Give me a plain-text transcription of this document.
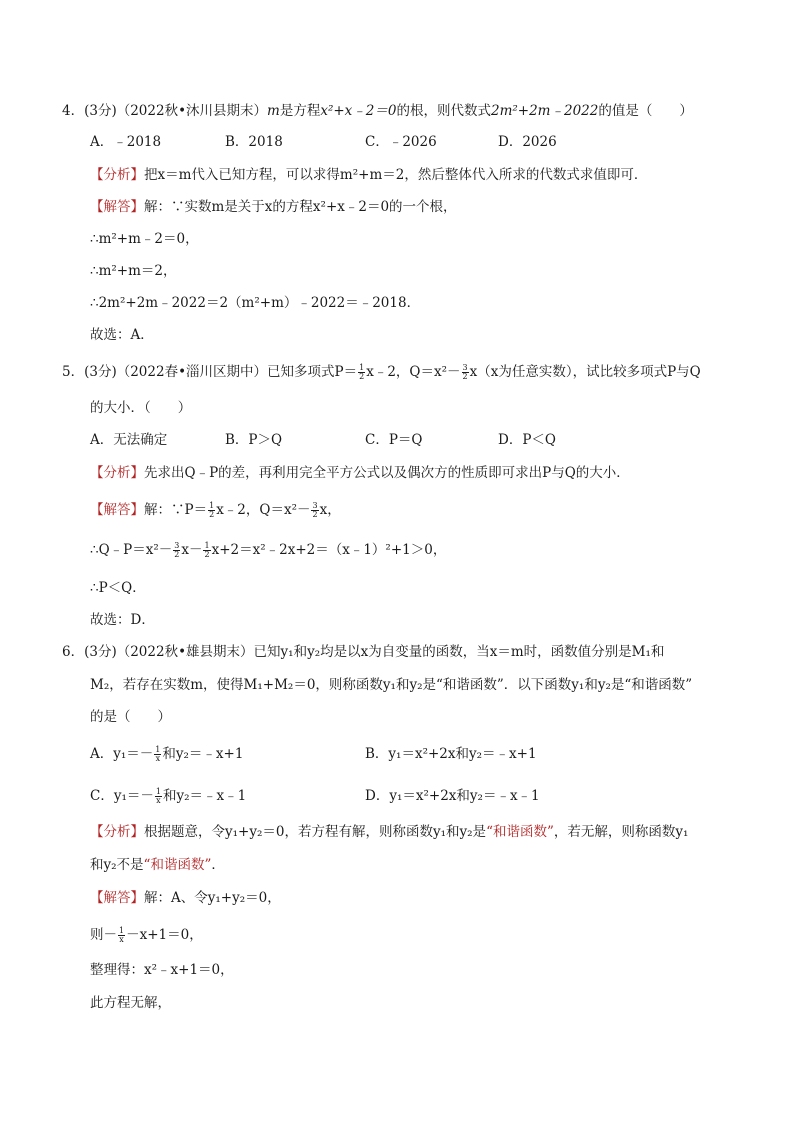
4．(3分)（2022秋•沐川县期末）m是方程x²+x﹣2＝0的根，则代数式2m²+2m﹣2022的值是（　　）
A．﹣2018	B．2018	C．﹣2026	D．2026
【分析】把x＝m代入已知方程，可以求得m²+m＝2，然后整体代入所求的代数式求值即可．
【解答】解：∵实数m是关于x的方程x²+x﹣2＝0的一个根，
∴m²+m﹣2＝0，
∴m²+m＝2，
∴2m²+2m﹣2022＝2（m²+m）﹣2022＝﹣2018．
故选：A．
5．(3分)（2022春•淄川区期中）已知多项式$P= \frac{1}{2}$ x﹣2，$Q=x^2- \frac{3}{2} x(x$为任意实数），试比较多项式P与Q
的大小．（　　）
A．无法确定	B．P＞Q	C．P＝Q	D．P＜Q
【分析】先求出Q﹣P的差，再利用完全平方公式以及偶次方的性质即可求出P与Q的大小．
【解答】解：∵P＝ $\frac{1}{2}$ x﹣2，$Q=x^2- \frac{3}{2}$ x，
∴Q﹣P＝x²－ $\frac{3}{2} x- \frac{1}{2}$ x+2＝x²﹣2x+2＝（x﹣1）²+1＞0，
∴P＜Q．
故选：D．
6．(3分)（2022秋•雄县期末）已知y₁和y₂均是以x为自变量的函数，当x＝m时，函数值分别是M₁和
M₂，若存在实数m，使得M₁+M₂＝0，则称函数y₁和y₂是“和谐函数”．以下函数y₁和y₂是“和谐函数”
的是（　　）
A．$y_1=- \frac{1}{x}$ 和y₂＝﹣x+1	B．y₁＝x²+2x和y₂＝﹣x+1
C．$y_1=- \frac{1}{x}$ 和y₂＝﹣x﹣1	D．y₁＝x²+2x和y₂＝﹣x﹣1
【分析】根据题意，令y₁+y₂＝0，若方程有解，则称函数y₁和y₂是“和谐函数”，若无解，则称函数y₁
和y₂不是“和谐函数”．
【解答】解：A、令y₁+y₂＝0，
则－ $\frac{1}{x} -x+1=0$，
整理得：x²﹣x+1＝0，
此方程无解，
